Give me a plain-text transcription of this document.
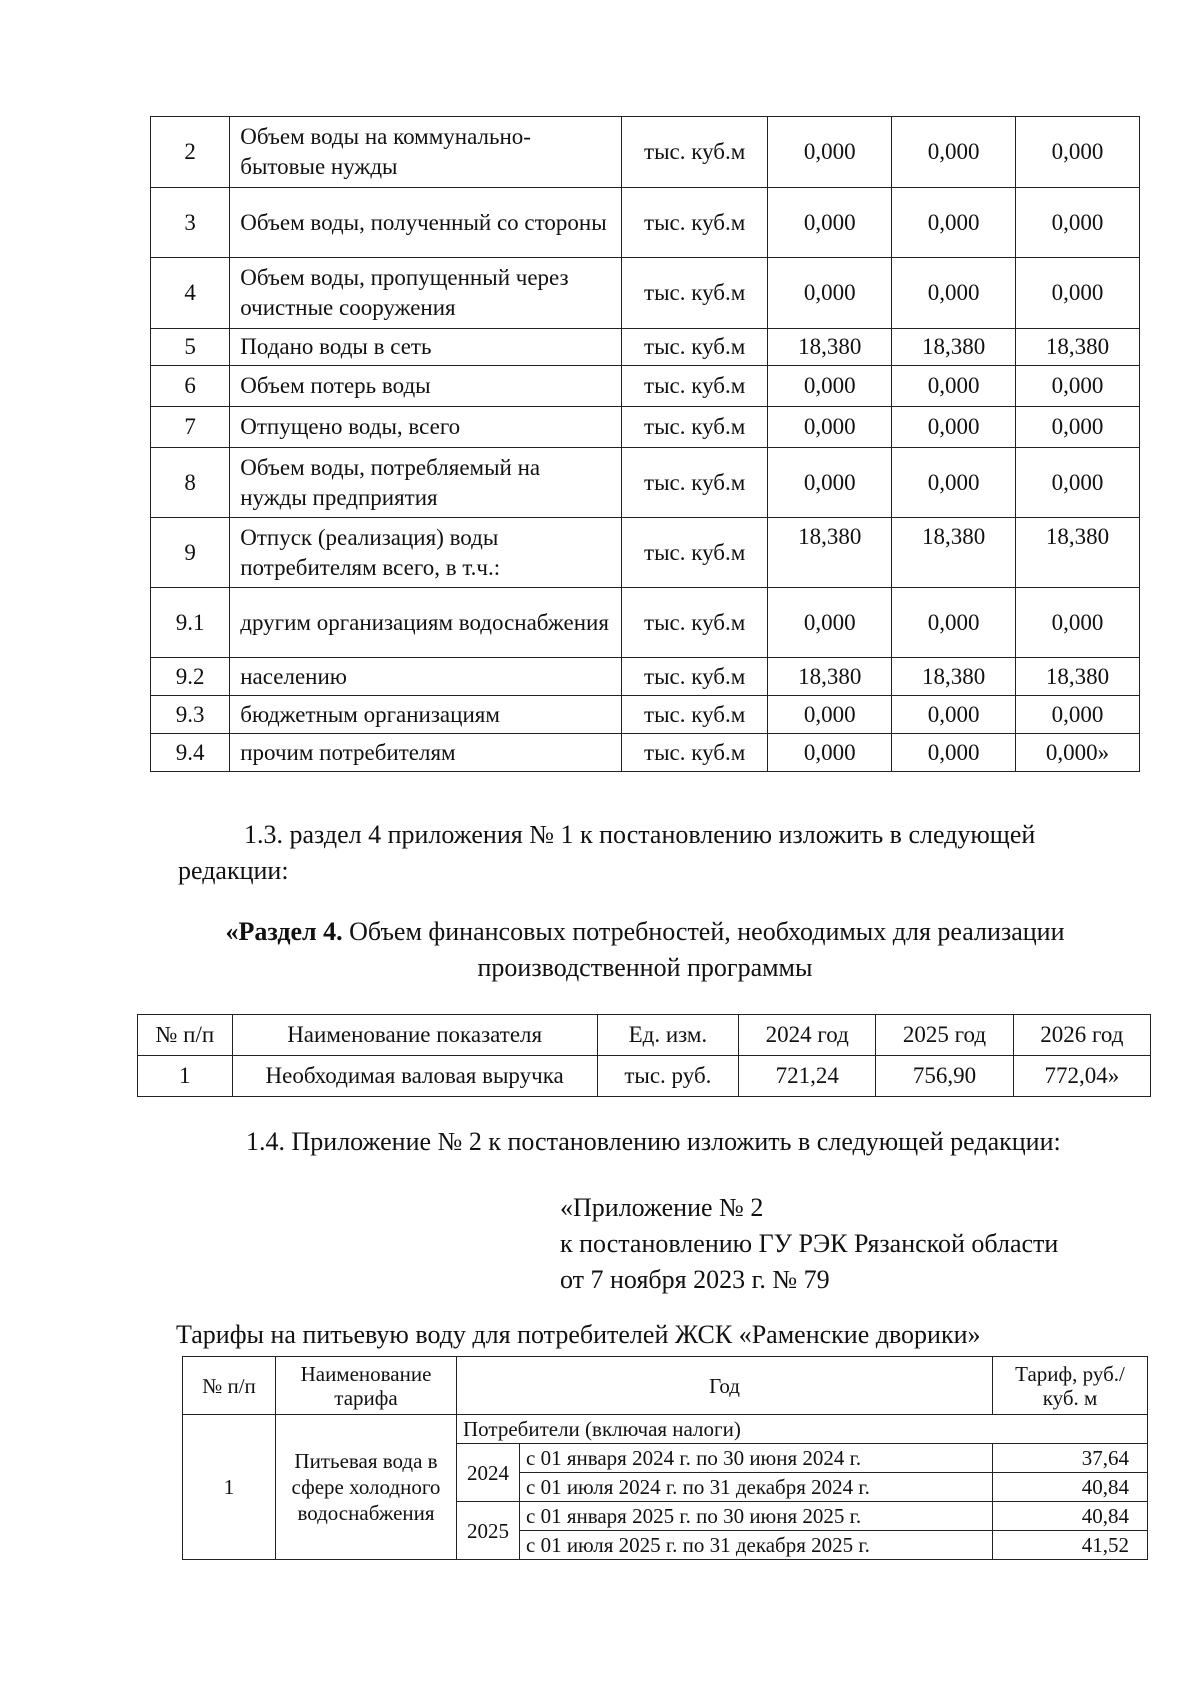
2	Объем воды на коммунально-бытовые нужды	тыс. куб.м	0,000	0,000	0,000
3	Объем воды, полученный со стороны	тыс. куб.м	0,000	0,000	0,000
4	Объем воды, пропущенный через очистные сооружения	тыс. куб.м	0,000	0,000	0,000
5	Подано воды в сеть	тыс. куб.м	18,380	18,380	18,380
6	Объем потерь воды	тыс. куб.м	0,000	0,000	0,000
7	Отпущено воды, всего	тыс. куб.м	0,000	0,000	0,000
8	Объем воды, потребляемый на нужды предприятия	тыс. куб.м	0,000	0,000	0,000
9	Отпуск (реализация) воды потребителям всего, в т.ч.:	тыс. куб.м	18,380	18,380	18,380
9.1	другим организациям водоснабжения	тыс. куб.м	0,000	0,000	0,000
9.2	населению	тыс. куб.м	18,380	18,380	18,380
9.3	бюджетным организациям	тыс. куб.м	0,000	0,000	0,000
9.4	прочим потребителям	тыс. куб.м	0,000	0,000	0,000»
1.3. раздел 4 приложения № 1 к постановлению изложить в следующей редакции:
«Раздел 4. Объем финансовых потребностей, необходимых для реализации
производственной программы
№ п/п	Наименование показателя	Ед. изм.	2024 год	2025 год	2026 год
1	Необходимая валовая выручка	тыс. руб.	721,24	756,90	772,04»
1.4. Приложение № 2 к постановлению изложить в следующей редакции:
«Приложение № 2
к постановлению ГУ РЭК Рязанской области
от 7 ноября 2023 г. № 79
Тарифы на питьевую воду для потребителей ЖСК «Раменские дворики»
№ п/п	Наименование тарифа	Год		Тариф, руб./куб. м
1	Питьевая вода в сфере холодного водоснабжения	Потребители (включая налоги)		
		2024	с 01 января 2024 г. по 30 июня 2024 г.	37,64
			с 01 июля 2024 г. по 31 декабря 2024 г.	40,84
		2025	с 01 января 2025 г. по 30 июня 2025 г.	40,84
			с 01 июля 2025 г. по 31 декабря 2025 г.	41,52
